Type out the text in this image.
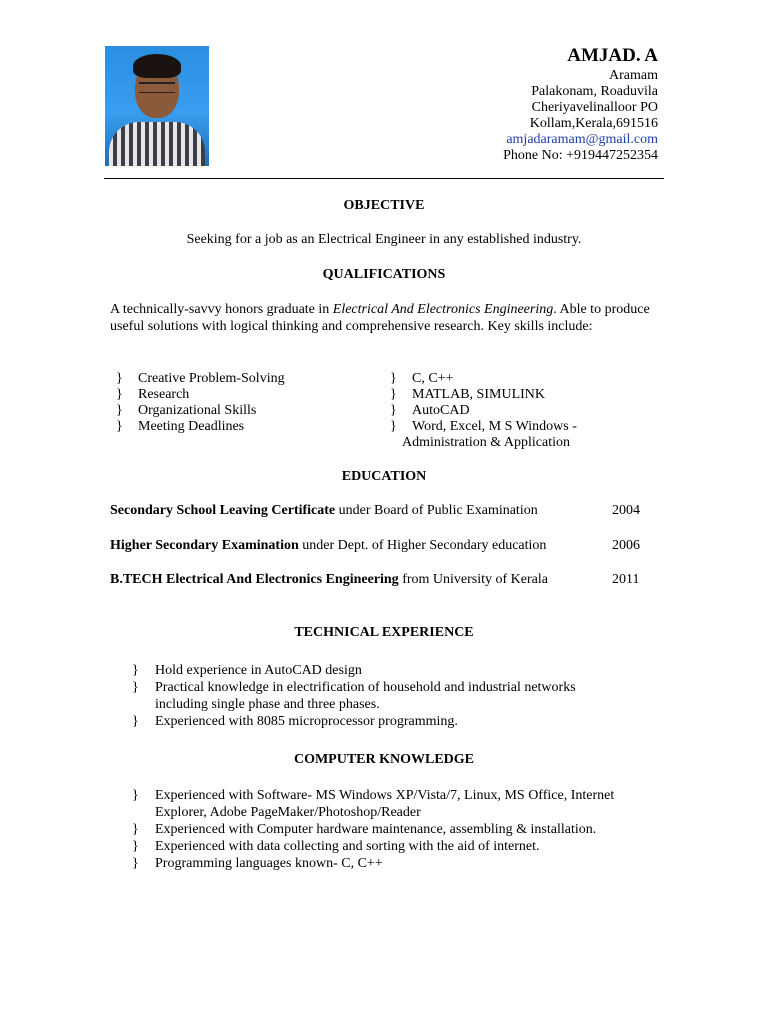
AMJAD. A
Aramam
Palakonam, Roaduvila
Cheriyavelinalloor PO
Kollam,Kerala,691516
amjadaramam@gmail.com
Phone No: +919447252354
OBJECTIVE
Seeking for a job as an Electrical Engineer in any established industry.
QUALIFICATIONS
A technically-savvy honors graduate in Electrical And Electronics Engineering. Able to produce useful solutions with logical thinking and comprehensive research. Key skills include:
} Creative Problem-Solving
} Research
} Organizational Skills
} Meeting Deadlines
} C, C++
} MATLAB, SIMULINK
} AutoCAD
} Word, Excel, M S Windows -
Administration & Application
EDUCATION
Secondary School Leaving Certificate under Board of Public Examination	2004
Higher Secondary Examination under Dept. of Higher Secondary education	2006
B.TECH Electrical And Electronics Engineering from University of Kerala	2011
TECHNICAL EXPERIENCE
} Hold experience in AutoCAD design
} Practical knowledge in electrification of household and industrial networks
including single phase and three phases.
} Experienced with 8085 microprocessor programming.
COMPUTER KNOWLEDGE
} Experienced with Software- MS Windows XP/Vista/7, Linux, MS Office, Internet
Explorer, Adobe PageMaker/Photoshop/Reader
} Experienced with Computer hardware maintenance, assembling & installation.
} Experienced with data collecting and sorting with the aid of internet.
} Programming languages known- C, C++
